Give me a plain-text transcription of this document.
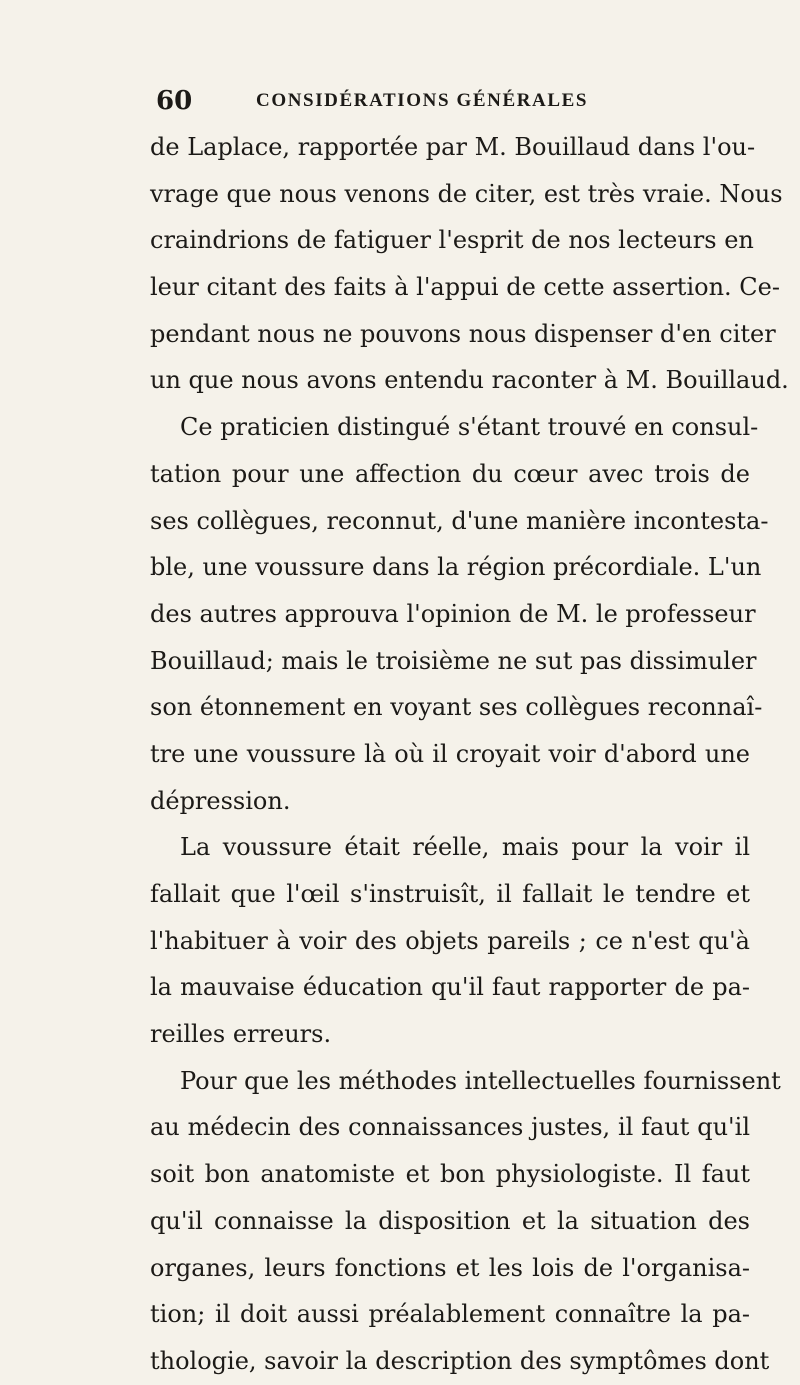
60	CONSIDÉRATIONS GÉNÉRALES
de Laplace, rapportée par M. Bouillaud dans l'ou-
vrage que nous venons de citer, est très vraie. Nous
craindrions de fatiguer l'esprit de nos lecteurs en
leur citant des faits à l'appui de cette assertion. Ce-
pendant nous ne pouvons nous dispenser d'en citer
un que nous avons entendu raconter à M. Bouillaud.
Ce praticien distingué s'étant trouvé en consul-
tation pour une affection du cœur avec trois de
ses collègues, reconnut, d'une manière incontesta-
ble, une voussure dans la région précordiale. L'un
des autres approuva l'opinion de M. le professeur
Bouillaud; mais le troisième ne sut pas dissimuler
son étonnement en voyant ses collègues reconnaî-
tre une voussure là où il croyait voir d'abord une
dépression.
La voussure était réelle, mais pour la voir il
fallait que l'œil s'instruisît, il fallait le tendre et
l'habituer à voir des objets pareils ; ce n'est qu'à
la mauvaise éducation qu'il faut rapporter de pa-
reilles erreurs.
Pour que les méthodes intellectuelles fournissent
au médecin des connaissances justes, il faut qu'il
soit bon anatomiste et bon physiologiste. Il faut
qu'il connaisse la disposition et la situation des
organes, leurs fonctions et les lois de l'organisa-
tion; il doit aussi préalablement connaître la pa-
thologie, savoir la description des symptômes dont
